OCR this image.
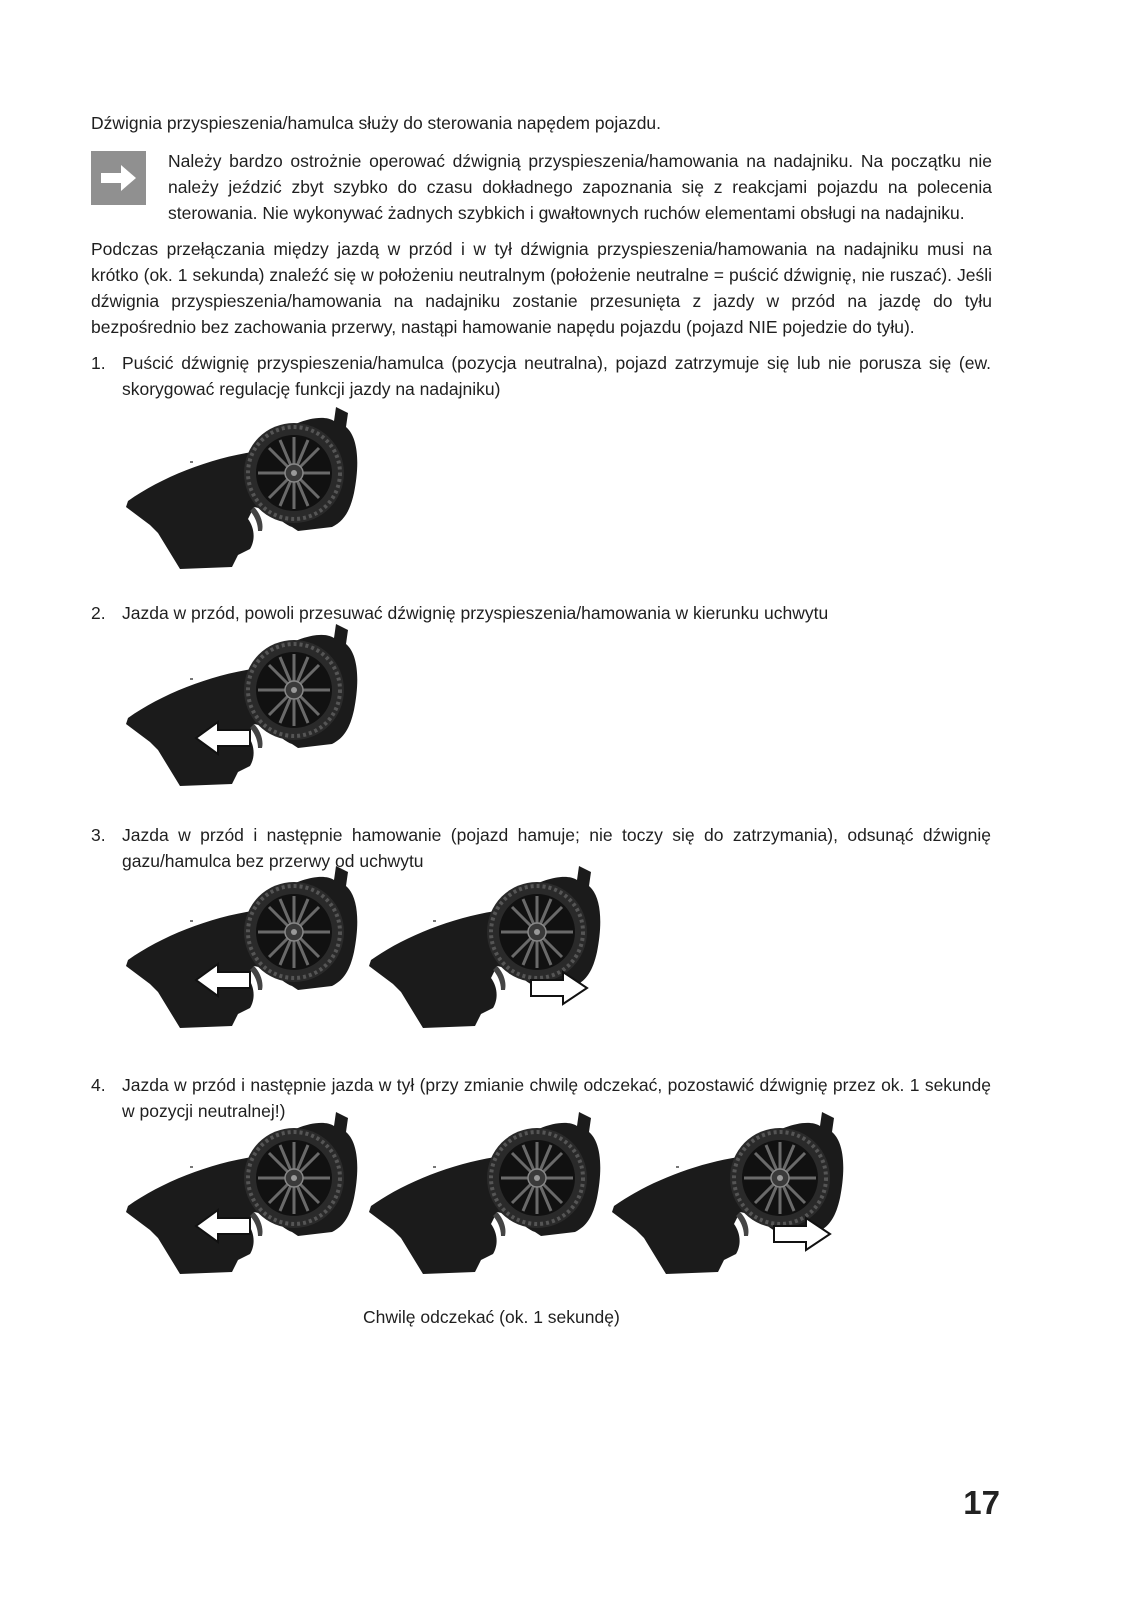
Dźwignia przyspieszenia/hamulca służy do sterowania napędem pojazdu.
Należy bardzo ostrożnie operować dźwignią przyspieszenia/hamowania na nadajniku. Na początku nie należy jeździć zbyt szybko do czasu dokładnego zapoznania się z reakcjami pojazdu na polecenia sterowania. Nie wykonywać żadnych szybkich i gwałtownych ruchów elementami obsługi na nadajniku.
Podczas przełączania między jazdą w przód i w tył dźwignia przyspieszenia/hamowania na nadajniku musi na krótko (ok. 1 sekunda) znaleźć się w położeniu neutralnym (położenie neutralne = puścić dźwignię, nie ruszać). Jeśli dźwignia przyspieszenia/hamowania na nadajniku zostanie przesunięta z jazdy w przód na jazdę do tyłu bezpośrednio bez zachowania przerwy, nastąpi hamowanie napędu pojazdu (pojazd NIE pojedzie do tyłu).
1. Puścić dźwignię przyspieszenia/hamulca (pozycja neutralna), pojazd zatrzymuje się lub nie porusza się (ew. skorygować regulację funkcji jazdy na nadajniku)
2. Jazda w przód, powoli przesuwać dźwignię przyspieszenia/hamowania w kierunku uchwytu
3. Jazda w przód i następnie hamowanie (pojazd hamuje; nie toczy się do zatrzymania), odsunąć dźwignię gazu/hamulca bez przerwy od uchwytu
4. Jazda w przód i następnie jazda w tył (przy zmianie chwilę odczekać, pozostawić dźwignię przez ok. 1 sekundę w pozycji neutralnej!)
Chwilę odczekać (ok. 1 sekundę)
17
